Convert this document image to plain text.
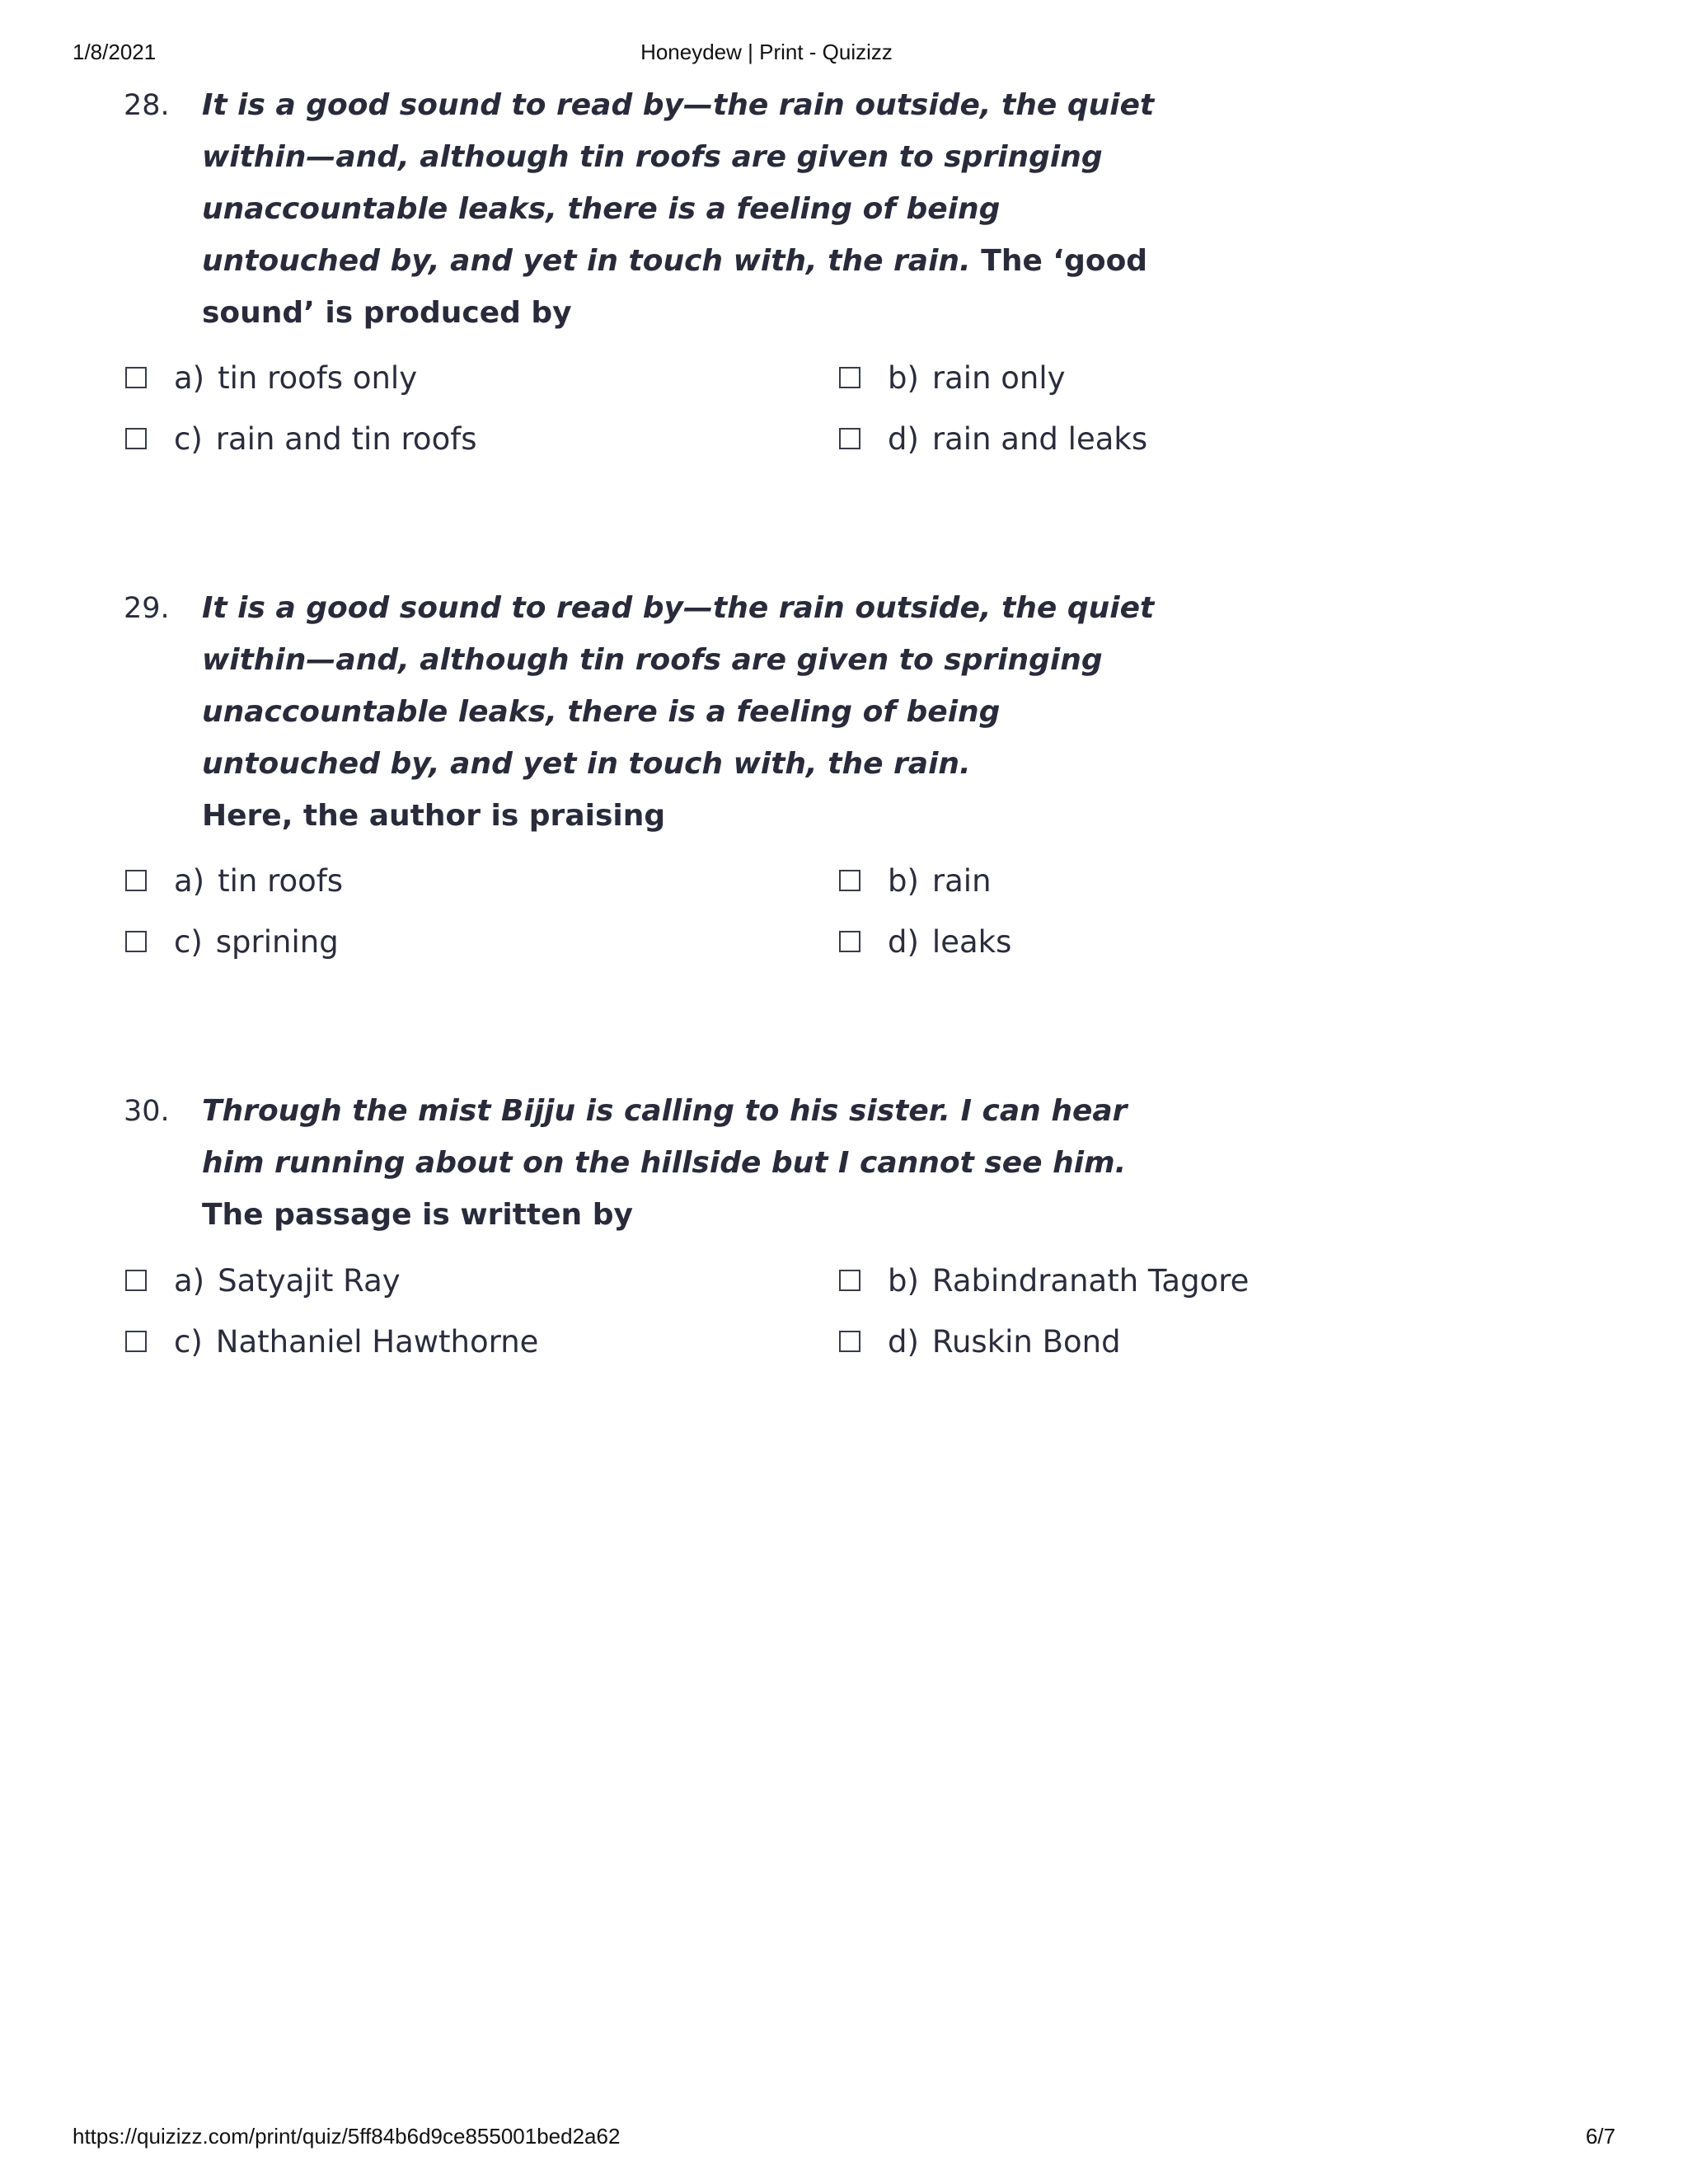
1/8/2021	Honeydew | Print - Quizizz
28. It is a good sound to read by—the rain outside, the quiet
within—and, although tin roofs are given to springing
unaccountable leaks, there is a feeling of being
untouched by, and yet in touch with, the rain. The ‘good
sound’ is produced by
a) tin roofs only	b) rain only
c) rain and tin roofs	d) rain and leaks
29. It is a good sound to read by—the rain outside, the quiet
within—and, although tin roofs are given to springing
unaccountable leaks, there is a feeling of being
untouched by, and yet in touch with, the rain.
Here, the author is praising
a) tin roofs	b) rain
c) sprining	d) leaks
30. Through the mist Bijju is calling to his sister. I can hear
him running about on the hillside but I cannot see him.
The passage is written by
a) Satyajit Ray	b) Rabindranath Tagore
c) Nathaniel Hawthorne	d) Ruskin Bond
https://quizizz.com/print/quiz/5ff84b6d9ce855001bed2a62	6/7
